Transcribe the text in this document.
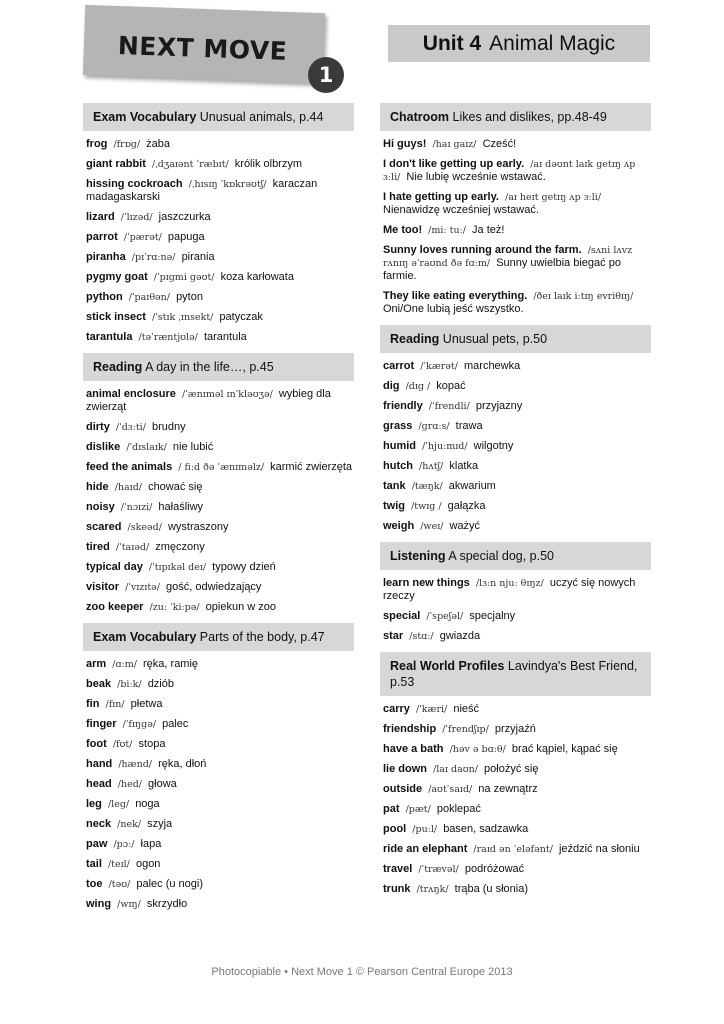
NEXT MOVE
1
Unit 4 Animal Magic
Exam Vocabulary Unusual animals, p.44
frog /frɒg/ żaba
giant rabbit /ˌdʒaɪənt ˈræbɪt/ królik olbrzym
hissing cockroach /ˌhɪsɪŋ ˈkɒkrəʊtʃ/ karaczan madagaskarski
lizard /ˈlɪzəd/ jaszczurka
parrot /ˈpærət/ papuga
piranha /pɪˈrɑːnə/ pirania
pygmy goat /ˈpɪgmi gəʊt/ koza karłowata
python /ˈpaɪθən/ pyton
stick insect /ˈstɪk ˌɪnsekt/ patyczak
tarantula /təˈræntjʊlə/ tarantula
Reading A day in the life…, p.45
animal enclosure /ˈænɪməl ɪnˈkləʊʒə/ wybieg dla zwierząt
dirty /ˈdɜːti/ brudny
dislike /ˈdɪslaɪk/ nie lubić
feed the animals / fiːd ðə ˈænɪməlz/ karmić zwierzęta
hide /haɪd/ chować się
noisy /ˈnɔɪzi/ hałaśliwy
scared /skeəd/ wystraszony
tired /ˈtaɪəd/ zmęczony
typical day /ˈtɪpɪkəl deɪ/ typowy dzień
visitor /ˈvɪzɪtə/ gość, odwiedzający
zoo keeper /zuː ˈkiːpə/ opiekun w zoo
Exam Vocabulary Parts of the body, p.47
arm /ɑːm/ ręka, ramię
beak /biːk/ dziób
fin /fɪn/ płetwa
finger /ˈfɪŋgə/ palec
foot /fʊt/ stopa
hand /hænd/ ręka, dłoń
head /hed/ głowa
leg /leg/ noga
neck /nek/ szyja
paw /pɔː/ łapa
tail /teɪl/ ogon
toe /təʊ/ palec (u nogi)
wing /wɪŋ/ skrzydło
Chatroom Likes and dislikes, pp.48-49
Hi guys! /haɪ gaɪz/ Cześć!
I don't like getting up early. /aɪ dəʊnt laɪk getɪŋ ʌp ɜːli/ Nie lubię wcześnie wstawać.
I hate getting up early. /aɪ heɪt getɪŋ ʌp ɜːli/ Nienawidzę wcześniej wstawać.
Me too! /miː tuː/ Ja też!
Sunny loves running around the farm. /sʌni lʌvz rʌnɪŋ əˈraʊnd ðə fɑːm/ Sunny uwielbia biegać po farmie.
They like eating everything. /ðeɪ laɪk iːtɪŋ evriθɪŋ/ Oni/One lubią jeść wszystko.
Reading Unusual pets, p.50
carrot /ˈkærət/ marchewka
dig /dɪg / kopać
friendly /ˈfrendli/ przyjazny
grass /grɑːs/ trawa
humid /ˈhjuːmɪd/ wilgotny
hutch /hʌtʃ/ klatka
tank /tæŋk/ akwarium
twig /twɪg / gałązka
weigh /weɪ/ ważyć
Listening A special dog, p.50
learn new things /lɜːn njuː θɪŋz/ uczyć się nowych rzeczy
special /ˈspeʃəl/ specjalny
star /stɑː/ gwiazda
Real World Profiles Lavindya's Best Friend, p.53
carry /ˈkæri/ nieść
friendship /ˈfrendʃɪp/ przyjaźń
have a bath /həv ə bɑːθ/ brać kąpiel, kąpać się
lie down /laɪ daʊn/ położyć się
outside /aʊtˈsaɪd/ na zewnątrz
pat /pæt/ poklepać
pool /puːl/ basen, sadzawka
ride an elephant /raɪd ən ˈeləfənt/ jeździć na słoniu
travel /ˈtrævəl/ podróżować
trunk /trʌŋk/ trąba (u słonia)
Photocopiable • Next Move 1 © Pearson Central Europe 2013
